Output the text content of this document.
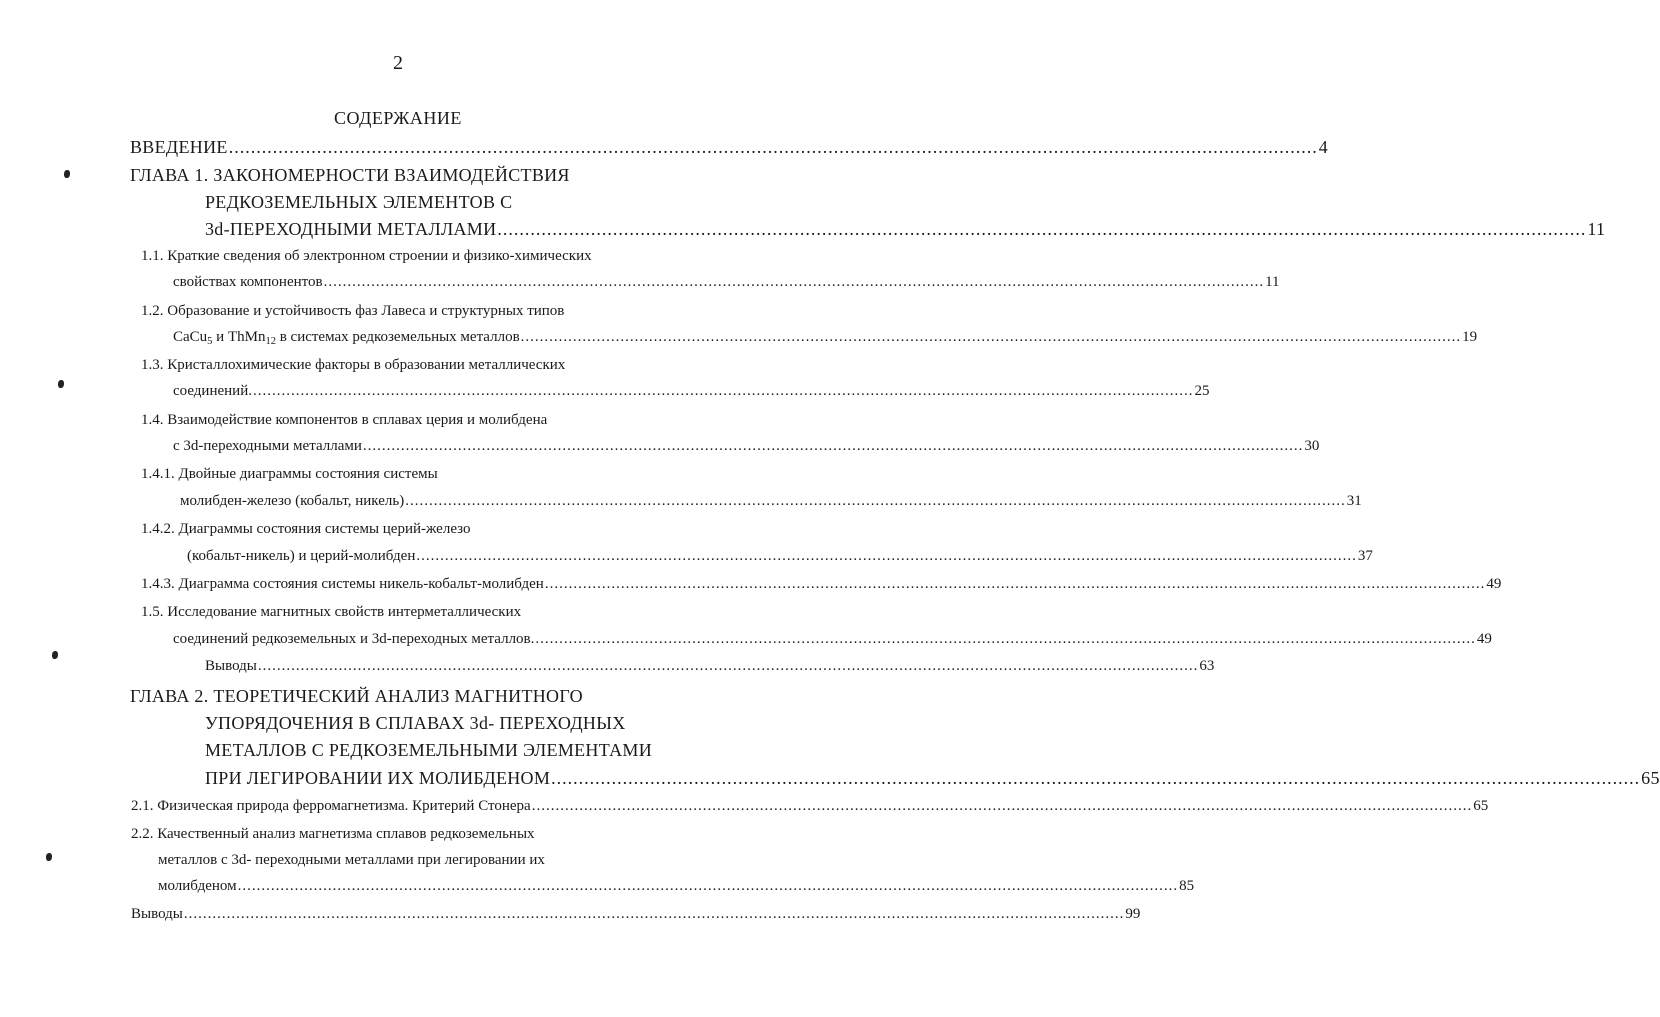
2
СОДЕРЖАНИЕ
ВВЕДЕНИЕ ...................................................................................................................................................................................................... 4
ГЛАВА 1. ЗАКОНОМЕРНОСТИ ВЗАИМОДЕЙСТВИЯ
РЕДКОЗЕМЕЛЬНЫХ ЭЛЕМЕНТОВ С
3d-ПЕРЕХОДНЫМИ МЕТАЛЛАМИ ...................................................................................................................................................................................................... 11
1.1. Краткие сведения об электронном строении и физико-химических
свойствах компонентов ...................................................................................................................................................................................................... 11
1.2. Образование и устойчивость фаз Лавеса и структурных типов
CaCu$_5$ и ThMn$_{12}$ в системах редкоземельных металлов ...................................................................................................................................................................................................... 19
1.3. Кристаллохимические факторы в образовании металлических
соединений. ...................................................................................................................................................................................................... 25
1.4. Взаимодействие компонентов в сплавах церия и молибдена
с 3d-переходными металлами ...................................................................................................................................................................................................... 30
1.4.1. Двойные диаграммы состояния системы
молибден-железо (кобальт, никель) ...................................................................................................................................................................................................... 31
1.4.2. Диаграммы состояния системы церий-железо
(кобальт-никель) и церий-молибден ...................................................................................................................................................................................................... 37
1.4.3. Диаграмма состояния системы никель-кобальт-молибден ...................................................................................................................................................................................................... 49
1.5. Исследование магнитных свойств интерметаллических
соединений редкоземельных и 3d-переходных металлов. ...................................................................................................................................................................................................... 49
Выводы ...................................................................................................................................................................................................... 63
ГЛАВА 2. ТЕОРЕТИЧЕСКИЙ АНАЛИЗ МАГНИТНОГО
УПОРЯДОЧЕНИЯ В СПЛАВАХ 3d- ПЕРЕХОДНЫХ
МЕТАЛЛОВ С РЕДКОЗЕМЕЛЬНЫМИ ЭЛЕМЕНТАМИ
ПРИ ЛЕГИРОВАНИИ ИХ МОЛИБДЕНОМ ...................................................................................................................................................................................................... 65
2.1. Физическая природа ферромагнетизма. Критерий Стонера ...................................................................................................................................................................................................... 65
2.2. Качественный анализ магнетизма сплавов редкоземельных
металлов с 3d- переходными металлами при легировании их
молибденом ...................................................................................................................................................................................................... 85
Выводы ...................................................................................................................................................................................................... 99
